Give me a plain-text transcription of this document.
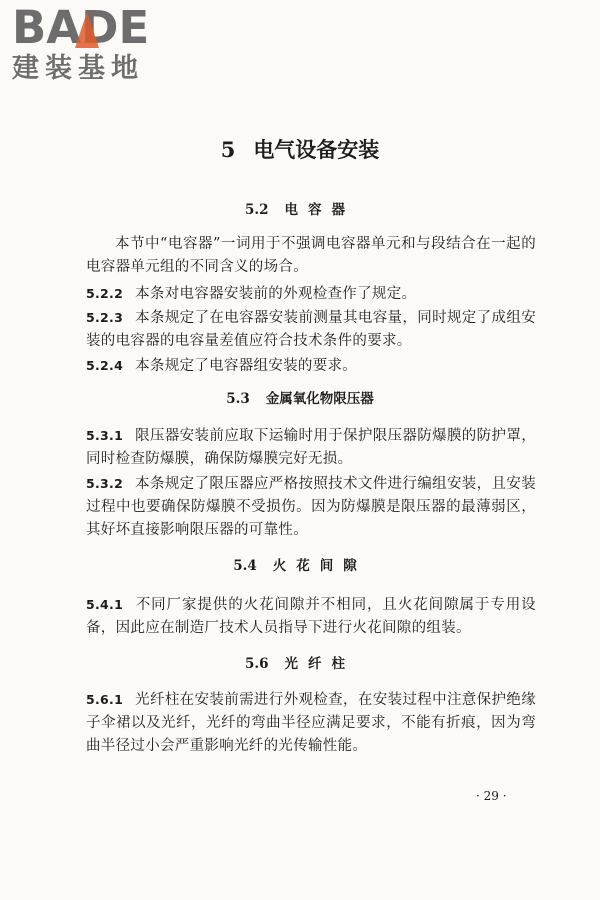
BADE
建装基地
5 电气设备安装
5.2 电容器

本节中“电容器”一词用于不强调电容器单元和与段结合在一起的电容器单元组的不同含义的场合。

5.2.2 本条对电容器安装前的外观检查作了规定。

5.2.3 本条规定了在电容器安装前测量其电容量，同时规定了成组安装的电容器的电容量差值应符合技术条件的要求。

5.2.4 本条规定了电容器组安装的要求。

5.3 金属氧化物限压器

5.3.1 限压器安装前应取下运输时用于保护限压器防爆膜的防护罩，同时检查防爆膜，确保防爆膜完好无损。

5.3.2 本条规定了限压器应严格按照技术文件进行编组安装，且安装过程中也要确保防爆膜不受损伤。因为防爆膜是限压器的最薄弱区，其好坏直接影响限压器的可靠性。

5.4 火花间隙

5.4.1 不同厂家提供的火花间隙并不相同，且火花间隙属于专用设备，因此应在制造厂技术人员指导下进行火花间隙的组装。

5.6 光纤柱

5.6.1 光纤柱在安装前需进行外观检查，在安装过程中注意保护绝缘子伞裙以及光纤，光纤的弯曲半径应满足要求，不能有折痕，因为弯曲半径过小会严重影响光纤的光传输性能。

· 29 ·
